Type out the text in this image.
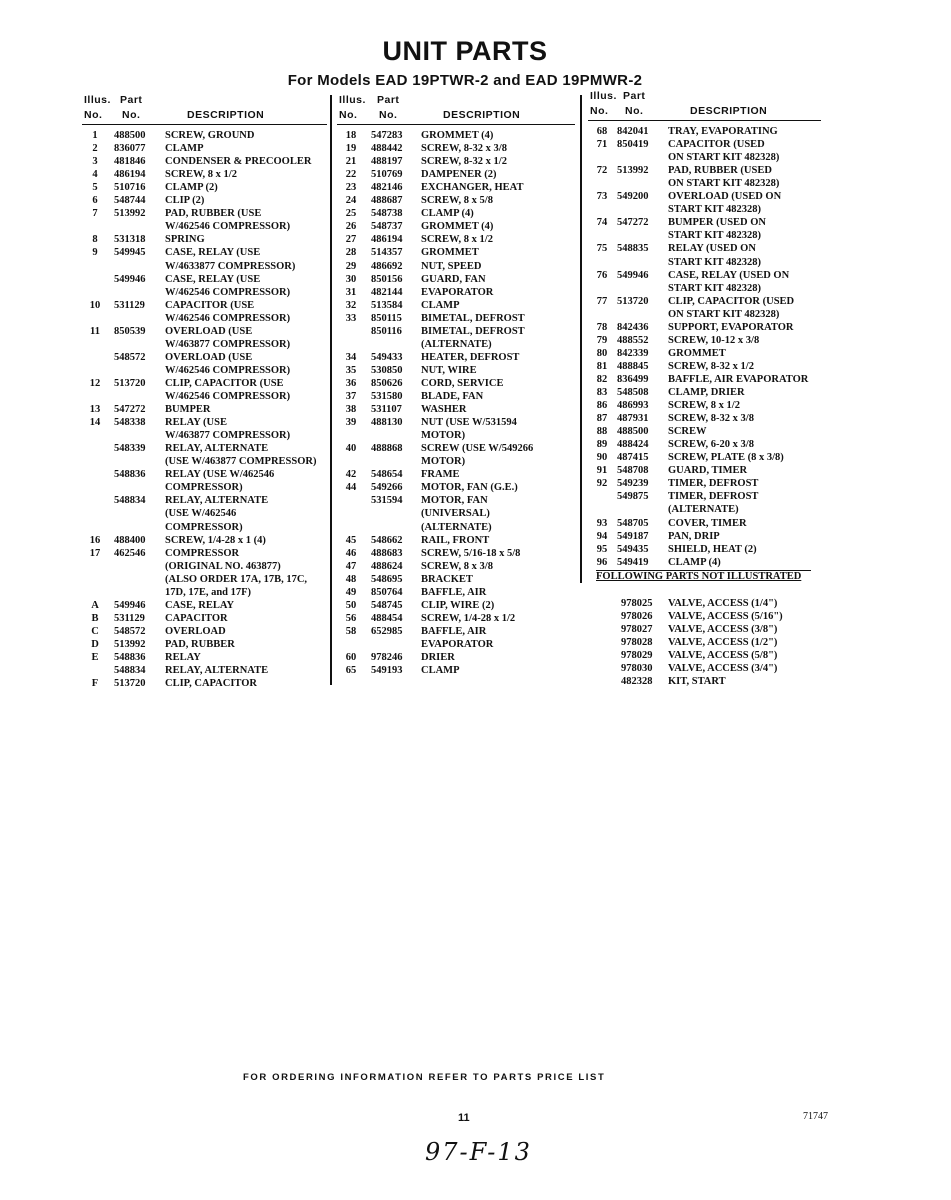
UNIT PARTS
For Models EAD 19PTWR-2 and EAD 19PMWR-2
Illus. Part
No. No.	DESCRIPTION
1	488500 SCREW, GROUND
2	836077 CLAMP
3	481846 CONDENSER & PRECOOLER
4	486194 SCREW, 8 x 1/2
5	510716 CLAMP (2)
6	548744 CLIP (2)
7	513992 PAD, RUBBER (USE
W/462546 COMPRESSOR)
8	531318 SPRING
9	549945 CASE, RELAY (USE
W/4633877 COMPRESSOR)
549946 CASE, RELAY (USE
W/462546 COMPRESSOR)
10	531129 CAPACITOR (USE
W/462546 COMPRESSOR)
11	850539 OVERLOAD (USE
W/463877 COMPRESSOR)
548572 OVERLOAD (USE
W/462546 COMPRESSOR)
12	513720 CLIP, CAPACITOR (USE
W/462546 COMPRESSOR)
13	547272 BUMPER
14	548338 RELAY (USE
W/463877 COMPRESSOR)
548339 RELAY, ALTERNATE
(USE W/463877 COMPRESSOR)
548836 RELAY (USE W/462546
COMPRESSOR)
548834 RELAY, ALTERNATE
(USE W/462546
COMPRESSOR)
16	488400 SCREW, 1/4-28 x 1 (4)
17	462546 COMPRESSOR
(ORIGINAL NO. 463877)
(ALSO ORDER 17A, 17B, 17C,
17D, 17E, and 17F)
A	549946 CASE, RELAY
B	531129 CAPACITOR
C	548572 OVERLOAD
D	513992 PAD, RUBBER
E	548836 RELAY
548834 RELAY, ALTERNATE
F	513720 CLIP, CAPACITOR
Illus. Part
No. No.	DESCRIPTION
18	547283 GROMMET (4)
19	488442 SCREW, 8-32 x 3/8
21	488197 SCREW, 8-32 x 1/2
22	510769 DAMPENER (2)
23	482146 EXCHANGER, HEAT
24	488687 SCREW, 8 x 5/8
25	548738 CLAMP (4)
26	548737 GROMMET (4)
27	486194 SCREW, 8 x 1/2
28	514357 GROMMET
29	486692 NUT, SPEED
30	850156 GUARD, FAN
31	482144 EVAPORATOR
32	513584 CLAMP
33	850115 BIMETAL, DEFROST
850116 BIMETAL, DEFROST
(ALTERNATE)
34	549433 HEATER, DEFROST
35	530850 NUT, WIRE
36	850626 CORD, SERVICE
37	531580 BLADE, FAN
38	531107 WASHER
39	488130 NUT (USE W/531594
MOTOR)
40	488868 SCREW (USE W/549266
MOTOR)
42	548654 FRAME
44	549266 MOTOR, FAN (G.E.)
531594 MOTOR, FAN
(UNIVERSAL)
(ALTERNATE)
45	548662 RAIL, FRONT
46	488683 SCREW, 5/16-18 x 5/8
47	488624 SCREW, 8 x 3/8
48	548695 BRACKET
49	850764 BAFFLE, AIR
50	548745 CLIP, WIRE (2)
56	488454 SCREW, 1/4-28 x 1/2
58	652985 BAFFLE, AIR
EVAPORATOR
60	978246 DRIER
65	549193 CLAMP
Illus. Part
No. No.	DESCRIPTION
68 842041 TRAY, EVAPORATING
71 850419 CAPACITOR (USED
ON START KIT 482328)
72 513992 PAD, RUBBER (USED
ON START KIT 482328)
73 549200 OVERLOAD (USED ON
START KIT 482328)
74 547272 BUMPER (USED ON
START KIT 482328)
75 548835 RELAY (USED ON
START KIT 482328)
76 549946 CASE, RELAY (USED ON
START KIT 482328)
77 513720 CLIP, CAPACITOR (USED
ON START KIT 482328)
78 842436 SUPPORT, EVAPORATOR
79 488552 SCREW, 10-12 x 3/8
80 842339 GROMMET
81 488845 SCREW, 8-32 x 1/2
82 836499 BAFFLE, AIR EVAPORATOR
83 548508 CLAMP, DRIER
86 486993 SCREW, 8 x 1/2
87 487931 SCREW, 8-32 x 3/8
88 488500 SCREW
89 488424 SCREW, 6-20 x 3/8
90 487415 SCREW, PLATE (8 x 3/8)
91 548708 GUARD, TIMER
92 549239 TIMER, DEFROST
549875 TIMER, DEFROST
(ALTERNATE)
93 548705 COVER, TIMER
94 549187 PAN, DRIP
95 549435 SHIELD, HEAT (2)
96 549419 CLAMP (4)
FOLLOWING PARTS NOT ILLUSTRATED
978025 VALVE, ACCESS (1/4")
978026 VALVE, ACCESS (5/16")
978027 VALVE, ACCESS (3/8")
978028 VALVE, ACCESS (1/2")
978029 VALVE, ACCESS (5/8")
978030 VALVE, ACCESS (3/4")
482328 KIT, START
FOR ORDERING INFORMATION REFER TO PARTS PRICE LIST
11	71747
97-F-13
